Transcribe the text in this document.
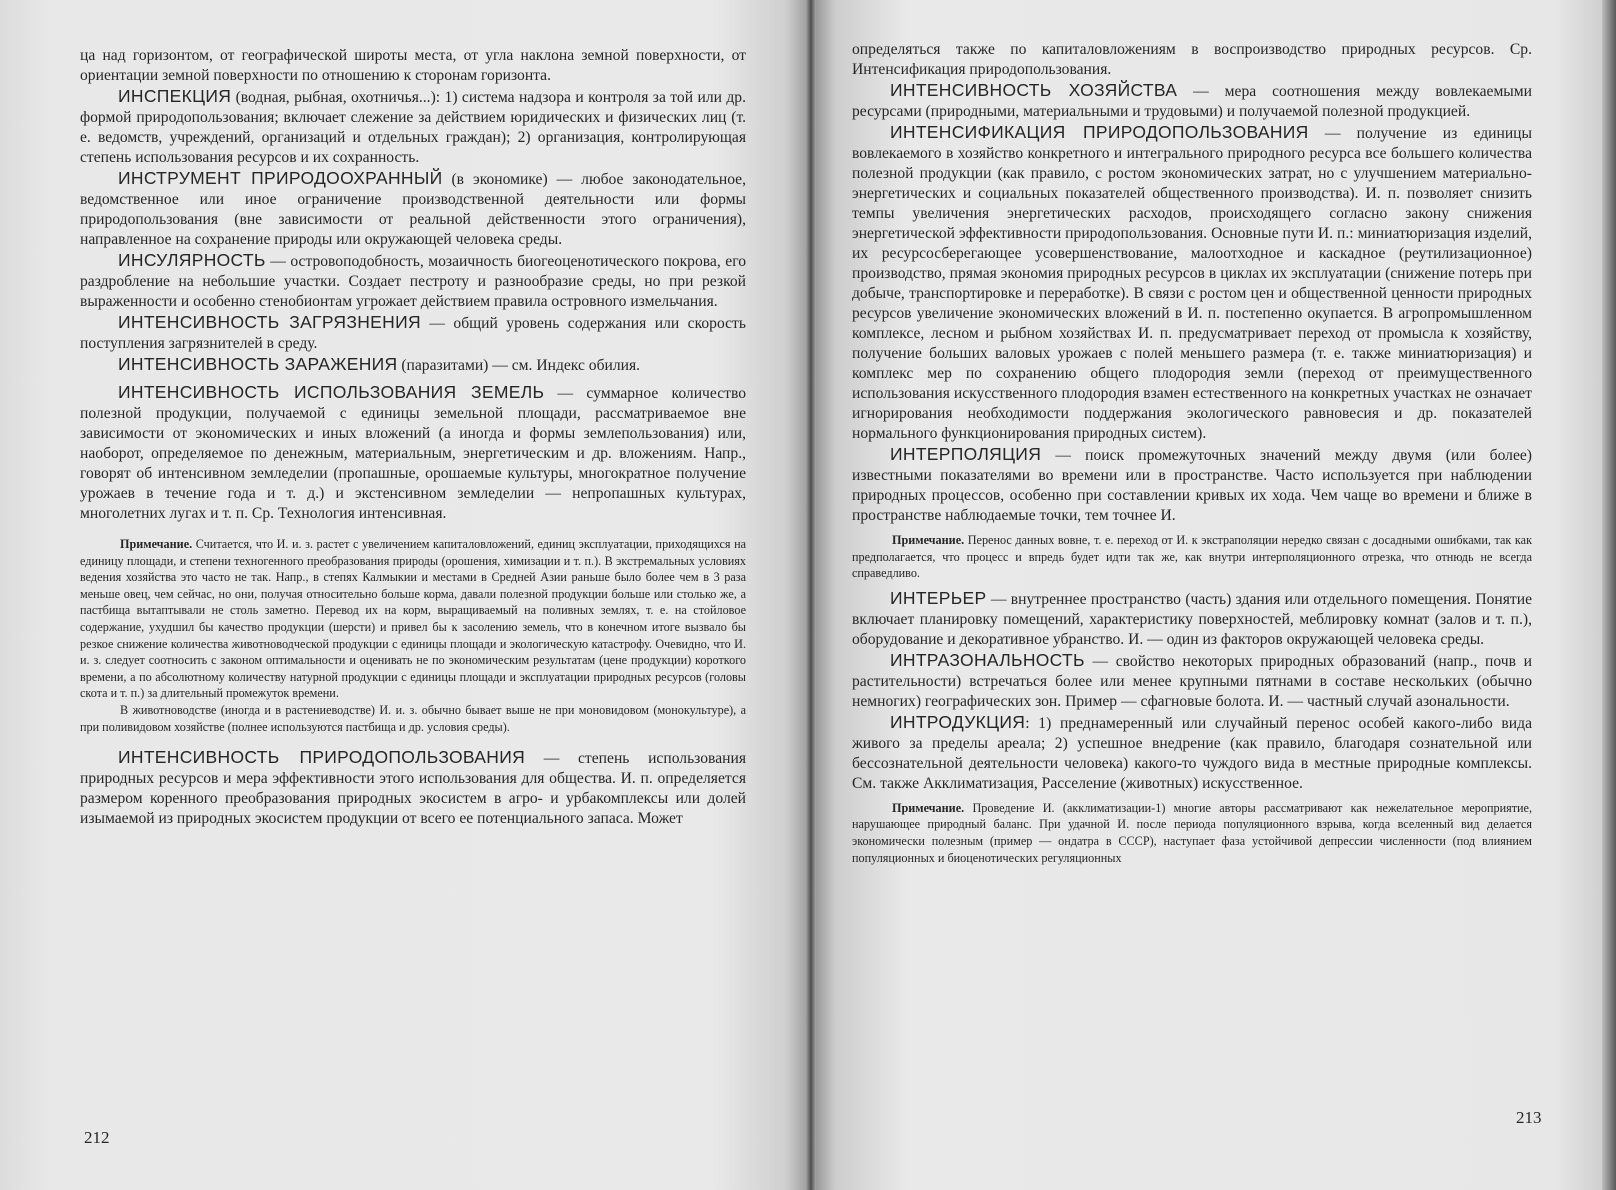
ца над горизонтом, от географической широты места, от угла наклона земной поверхности, от ориентации земной поверхности по отношению к сторонам горизонта.

ИНСПЕКЦИЯ (водная, рыбная, охотничья...): 1) система надзора и контроля за той или др. формой природопользования; включает слежение за действием юридических и физических лиц (т. е. ведомств, учреждений, организаций и отдельных граждан); 2) организация, контролирующая степень использования ресурсов и их сохранность.

ИНСТРУМЕНТ ПРИРОДООХРАННЫЙ (в экономике) — любое законодательное, ведомственное или иное ограничение производственной деятельности или формы природопользования (вне зависимости от реальной действенности этого ограничения), направленное на сохранение природы или окружающей человека среды.

ИНСУЛЯРНОСТЬ — островоподобность, мозаичность биогеоценотического покрова, его раздробление на небольшие участки. Создает пестроту и разнообразие среды, но при резкой выраженности и особенно стенобионтам угрожает действием правила островного измельчания.

ИНТЕНСИВНОСТЬ ЗАГРЯЗНЕНИЯ — общий уровень содержания или скорость поступления загрязнителей в среду.

ИНТЕНСИВНОСТЬ ЗАРАЖЕНИЯ (паразитами) — см. Индекс обилия.

ИНТЕНСИВНОСТЬ ИСПОЛЬЗОВАНИЯ ЗЕМЕЛЬ — суммарное количество полезной продукции, получаемой с единицы земельной площади, рассматриваемое вне зависимости от экономических и иных вложений (а иногда и формы землепользования) или, наоборот, определяемое по денежным, материальным, энергетическим и др. вложениям. Напр., говорят об интенсивном земледелии (пропашные, орошаемые культуры, многократное получение урожаев в течение года и т. д.) и экстенсивном земледелии — непропашных культурах, многолетних лугах и т. п. Ср. Технология интенсивная.

Примечание. Считается, что И. и. з. растет с увеличением капиталовложений, единиц эксплуатации, приходящихся на единицу площади, и степени техногенного преобразования природы (орошения, химизации и т. п.). В экстремальных условиях ведения хозяйства это часто не так. Напр., в степях Калмыкии и местами в Средней Азии раньше было более чем в 3 раза меньше овец, чем сейчас, но они, получая относительно больше корма, давали полезной продукции больше или столько же, а пастбища вытаптывали не столь заметно. Перевод их на корм, выращиваемый на поливных землях, т. е. на стойловое содержание, ухудшил бы качество продукции (шерсти) и привел бы к засолению земель, что в конечном итоге вызвало бы резкое снижение количества животноводческой продукции с единицы площади и экологическую катастрофу. Очевидно, что И. и. з. следует соотносить с законом оптимальности и оценивать не по экономическим результатам (цене продукции) короткого времени, а по абсолютному количеству натурной продукции с единицы площади и эксплуатации природных ресурсов (головы скота и т. п.) за длительный промежуток времени.

В животноводстве (иногда и в растениеводстве) И. и. з. обычно бывает выше не при моновидовом (монокультуре), а при поливидовом хозяйстве (полнее используются пастбища и др. условия среды).

ИНТЕНСИВНОСТЬ ПРИРОДОПОЛЬЗОВАНИЯ — степень использования природных ресурсов и мера эффективности этого использования для общества. И. п. определяется размером коренного преобразования природных экосистем в агро- и урбакомплексы или долей изымаемой из природных экосистем продукции от всего ее потенциального запаса. Может

212

определяться также по капиталовложениям в воспроизводство природных ресурсов. Ср. Интенсификация природопользования.

ИНТЕНСИВНОСТЬ ХОЗЯЙСТВА — мера соотношения между вовлекаемыми ресурсами (природными, материальными и трудовыми) и получаемой полезной продукцией.

ИНТЕНСИФИКАЦИЯ ПРИРОДОПОЛЬЗОВАНИЯ — получение из единицы вовлекаемого в хозяйство конкретного и интегрального природного ресурса все большего количества полезной продукции (как правило, с ростом экономических затрат, но с улучшением материально-энергетических и социальных показателей общественного производства). И. п. позволяет снизить темпы увеличения энергетических расходов, происходящего согласно закону снижения энергетической эффективности природопользования. Основные пути И. п.: миниатюризация изделий, их ресурсосберегающее усовершенствование, малоотходное и каскадное (реутилизационное) производство, прямая экономия природных ресурсов в циклах их эксплуатации (снижение потерь при добыче, транспортировке и переработке). В связи с ростом цен и общественной ценности природных ресурсов увеличение экономических вложений в И. п. постепенно окупается. В агропромышленном комплексе, лесном и рыбном хозяйствах И. п. предусматривает переход от промысла к хозяйству, получение больших валовых урожаев с полей меньшего размера (т. е. также миниатюризация) и комплекс мер по сохранению общего плодородия земли (переход от преимущественного использования искусственного плодородия взамен естественного на конкретных участках не означает игнорирования необходимости поддержания экологического равновесия и др. показателей нормального функционирования природных систем).

ИНТЕРПОЛЯЦИЯ — поиск промежуточных значений между двумя (или более) известными показателями во времени или в пространстве. Часто используется при наблюдении природных процессов, особенно при составлении кривых их хода. Чем чаще во времени и ближе в пространстве наблюдаемые точки, тем точнее И.

Примечание. Перенос данных вовне, т. е. переход от И. к экстраполяции нередко связан с досадными ошибками, так как предполагается, что процесс и впредь будет идти так же, как внутри интерполяционного отрезка, что отнюдь не всегда справедливо.

ИНТЕРЬЕР — внутреннее пространство (часть) здания или отдельного помещения. Понятие включает планировку помещений, характеристику поверхностей, меблировку комнат (залов и т. п.), оборудование и декоративное убранство. И. — один из факторов окружающей человека среды.

ИНТРАЗОНАЛЬНОСТЬ — свойство некоторых природных образований (напр., почв и растительности) встречаться более или менее крупными пятнами в составе нескольких (обычно немногих) географических зон. Пример — сфагновые болота. И. — частный случай азональности.

ИНТРОДУКЦИЯ: 1) преднамеренный или случайный перенос особей какого-либо вида живого за пределы ареала; 2) успешное внедрение (как правило, благодаря сознательной или бессознательной деятельности человека) какого-то чуждого вида в местные природные комплексы. См. также Акклиматизация, Расселение (животных) искусственное.

Примечание. Проведение И. (акклиматизации-1) многие авторы рассматривают как нежелательное мероприятие, нарушающее природный баланс. При удачной И. после периода популяционного взрыва, когда вселенный вид делается экономически полезным (пример — ондатра в СССР), наступает фаза устойчивой депрессии численности (под влиянием популяционных и биоценотических регуляционных

213
